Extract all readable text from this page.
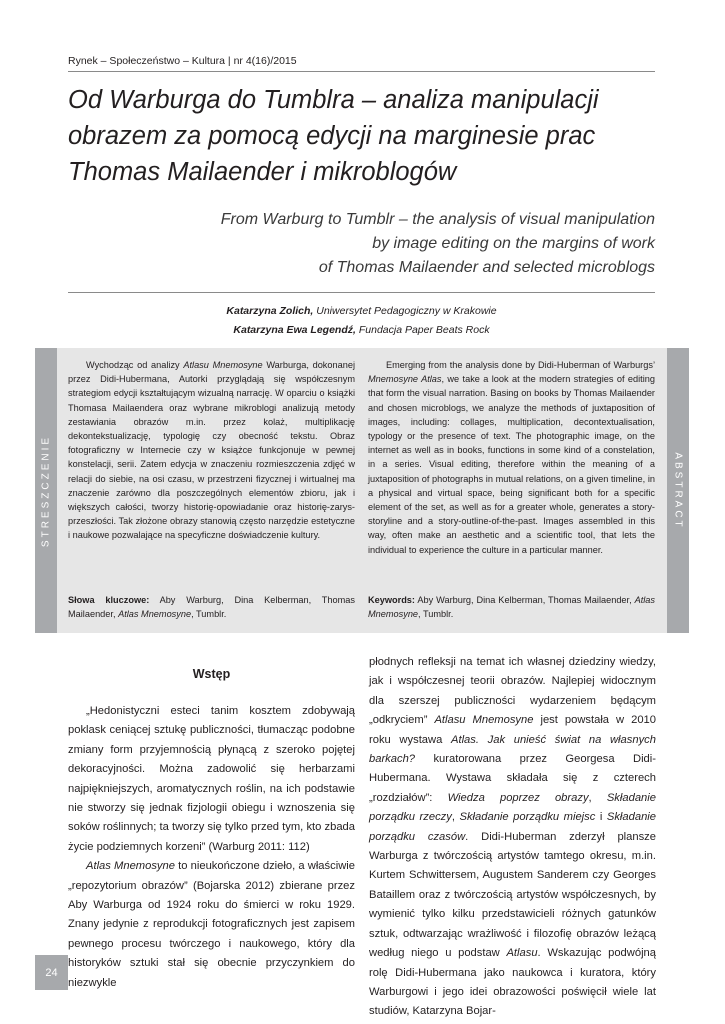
Rynek – Społeczeństwo – Kultura | nr 4(16)/2015
Od Warburga do Tumblra – analiza manipulacji
obrazem za pomocą edycji na marginesie prac
Thomas Mailaender i mikroblogów
From Warburg to Tumblr – the analysis of visual manipulation
by image editing on the margins of work
of Thomas Mailaender and selected microblogs
Katarzyna Zolich, Uniwersytet Pedagogiczny w Krakowie
Katarzyna Ewa Legendź, Fundacja Paper Beats Rock
STRESZCZENIE	ABSTRACT

Wychodząc od analizy Atlasu Mnemosyne Warburga, dokonanej przez Didi-Hubermana, Autorki przyglądają się współczesnym strategiom edycji kształtującym wizualną narrację. W oparciu o książki Thomasa Mailaendera oraz wybrane mikroblogi analizują metody zestawiania obrazów m.in. przez kolaż, multiplikację dekontekstualizację, typologię czy obecność tekstu. Obraz fotograficzny w Internecie czy w książce funkcjonuje w pewnej konstelacji, serii. Zatem edycja w znaczeniu rozmieszczenia zdjęć w relacji do siebie, na osi czasu, w przestrzeni fizycznej i wirtualnej ma znaczenie zarówno dla poszczególnych elementów zbioru, jak i większych całości, tworzy historię-opowiadanie oraz historię-zarys-przeszłości. Tak złożone obrazy stanowią często narzędzie estetyczne i naukowe pozwalające na specyficzne doświadczenie kultury.

Emerging from the analysis done by Didi-Huberman of Warburgs’ Mnemosyne Atlas, we take a look at the modern strategies of editing that form the visual narration. Basing on books by Thomas Mailaender and chosen microblogs, we analyze the methods of juxtaposition of images, including: collages, multiplication, decontextualisation, typology or the presence of text. The photographic image, on the internet as well as in books, functions in some kind of a constelation, in a series. Visual editing, therefore within the meaning of a juxtaposition of photographs in mutual relations, on a given timeline, in a physical and virtual space, being significant both for a specific element of the set, as well as for a greater whole, generates a story-storyline and a story-outline-of-the-past. Images assembled in this way, often make an aesthetic and a scientific tool, that lets the individual to experience the culture in a particular manner.

Słowa kluczowe: Aby Warburg, Dina Kelberman, Thomas Mailaender, Atlas Mnemosyne, Tumblr.
Keywords: Aby Warburg, Dina Kelberman, Thomas Mailaender, Atlas Mnemosyne, Tumblr.
Wstęp

„Hedonistyczni esteci tanim kosztem zdobywają poklask ceniącej sztukę publiczności, tłumacząc podobne zmiany form przyjemnością płynącą z szeroko pojętej dekoracyjności. Można zadowolić się herbarzami najpiękniejszych, aromatycznych roślin, na ich podstawie nie stworzy się jednak fizjologii obiegu i wznoszenia się soków roślinnych; ta tworzy się tylko przed tym, kto zbada życie podziemnych korzeni” (Warburg 2011: 112)

Atlas Mnemosyne to nieukończone dzieło, a właściwie „repozytorium obrazów” (Bojarska 2012) zbierane przez Aby Warburga od 1924 roku do śmierci w roku 1929. Znany jedynie z reprodukcji fotograficznych jest zapisem pewnego procesu twórczego i naukowego, który dla historyków sztuki stał się obecnie przyczynkiem do niezwykle

płodnych refleksji na temat ich własnej dziedziny wiedzy, jak i współczesnej teorii obrazów. Najlepiej widocznym dla szerszej publiczności wydarzeniem będącym „odkryciem” Atlasu Mnemosyne jest powstała w 2010 roku wystawa Atlas. Jak unieść świat na własnych barkach? kuratorowana przez Georgesa Didi-Hubermana. Wystawa składała się z czterech „rozdziałów”: Wiedza poprzez obrazy, Składanie porządku rzeczy, Składanie porządku miejsc i Składanie porządku czasów. Didi-Huberman zderzył plansze Warburga z twórczością artystów tamtego okresu, m.in. Kurtem Schwittersem, Augustem Sanderem czy Georges Bataillem oraz z twórczością artystów współczesnych, by wymienić tylko kilku przedstawicieli różnych gatunków sztuk, odtwarzając wrażliwość i filozofię obrazów leżącą według niego u podstaw Atlasu. Wskazując podwójną rolę Didi-Hubermana jako naukowca i kuratora, który Warburgowi i jego idei obrazowości poświęcił wiele lat studiów, Katarzyna Bojar-

24
